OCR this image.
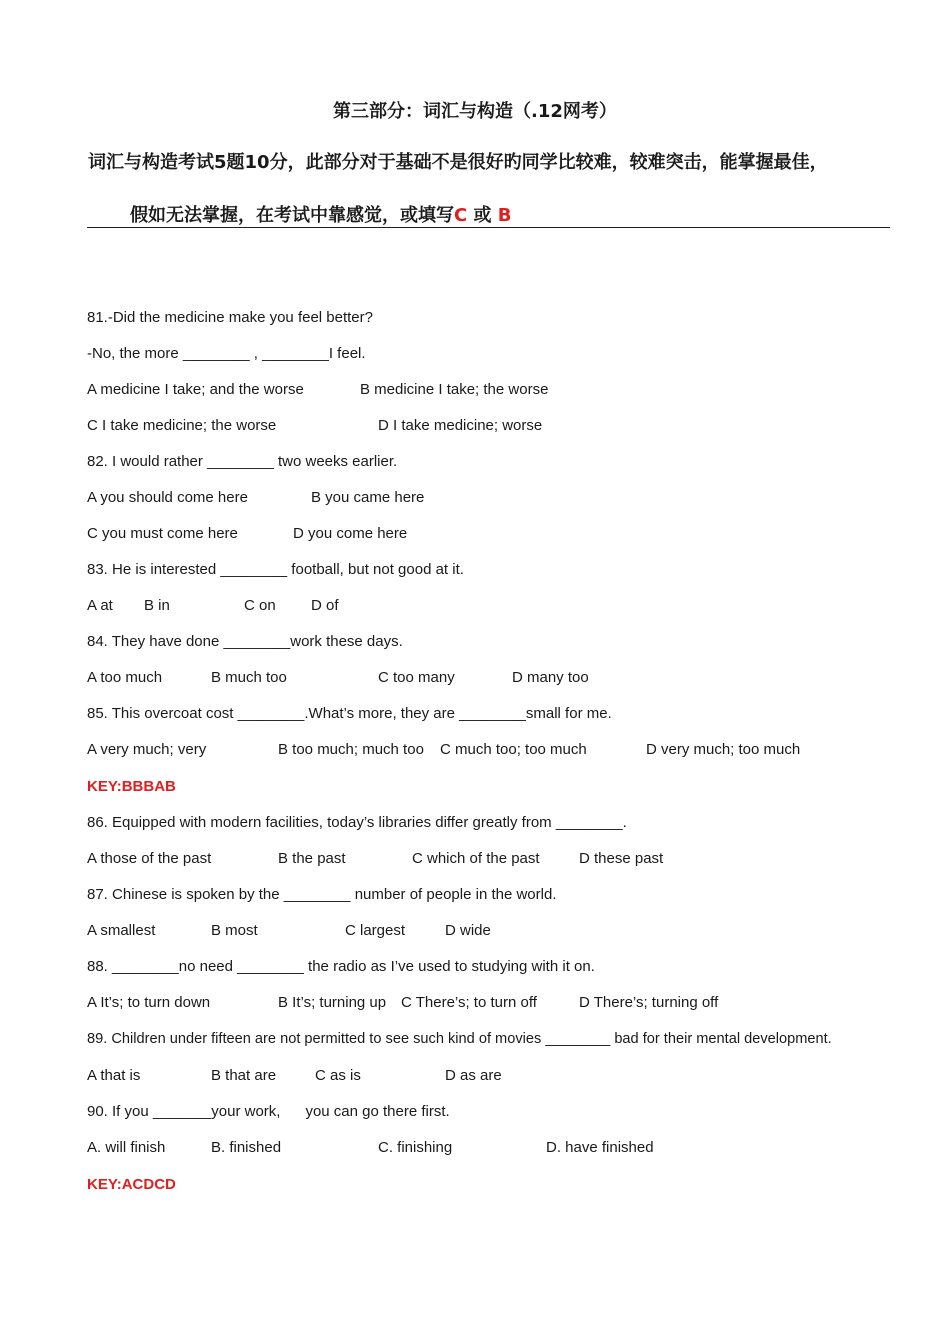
第三部分：词汇与构造（.12网考）
词汇与构造考试5题10分，此部分对于基础不是很好旳同学比较难，较难突击，能掌握最佳，
假如无法掌握，在考试中靠感觉，或填写C 或 B
81.-Did the medicine make you feel better?
-No, the more ________ , ________I feel.
A medicine I take; and the worse	B medicine I take; the worse
C I take medicine; the worse	D I take medicine; worse
82. I would rather ________ two weeks earlier.
A you should come here	B you came here
C you must come here	D you come here
83. He is interested ________ football, but not good at it.
A at B in	C on D of
84. They have done ________work these days.
A too much	B much too	C too many	D many too
85. This overcoat cost ________.What’s more, they are ________small for me.
A very much; very	B too much; much too C much too; too much	D very much; too much
KEY:BBBAB
86. Equipped with modern facilities, today’s libraries differ greatly from ________.
A those of the past	B the past	C which of the past	D these past
87. Chinese is spoken by the ________ number of people in the world.
A smallest	B most	C largest	D wide
88. ________no need ________ the radio as I’ve used to studying with it on.
A It’s; to turn down	B It’s; turning up C There’s; to turn off	D There’s; turning off
89. Children under fifteen are not permitted to see such kind of movies ________ bad for their mental development.
A that is	B that are	C as is	D as are
90. If you _______your work,      you can go there first.
A. will finish	B. finished	C. finishing	D. have finished
KEY:ACDCD
